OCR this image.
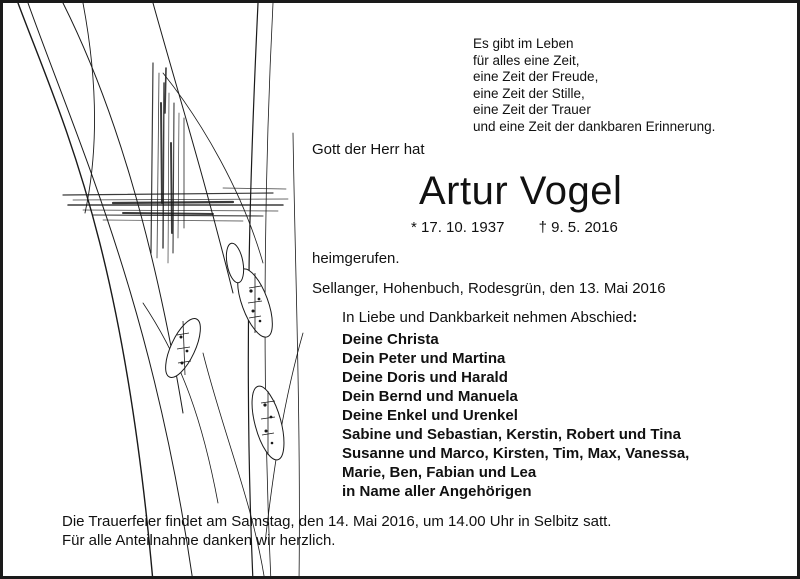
Es gibt im Leben
für alles eine Zeit,
eine Zeit der Freude,
eine Zeit der Stille,
eine Zeit der Trauer
und eine Zeit der dankbaren Erinnerung.
Gott der Herr hat
Artur Vogel
* 17. 10. 1937 † 9. 5. 2016
heimgerufen.
Sellanger, Hohenbuch, Rodesgrün, den 13. Mai 2016
In Liebe und Dankbarkeit nehmen Abschied:
Deine Christa
Dein Peter und Martina
Deine Doris und Harald
Dein Bernd und Manuela
Deine Enkel und Urenkel
Sabine und Sebastian, Kerstin, Robert und Tina
Susanne und Marco, Kirsten, Tim, Max, Vanessa,
Marie, Ben, Fabian und Lea
in Name aller Angehörigen
Die Trauerfeier findet am Samstag, den 14. Mai 2016, um 14.00 Uhr in Selbitz satt.
Für alle Anteilnahme danken wir herzlich.
